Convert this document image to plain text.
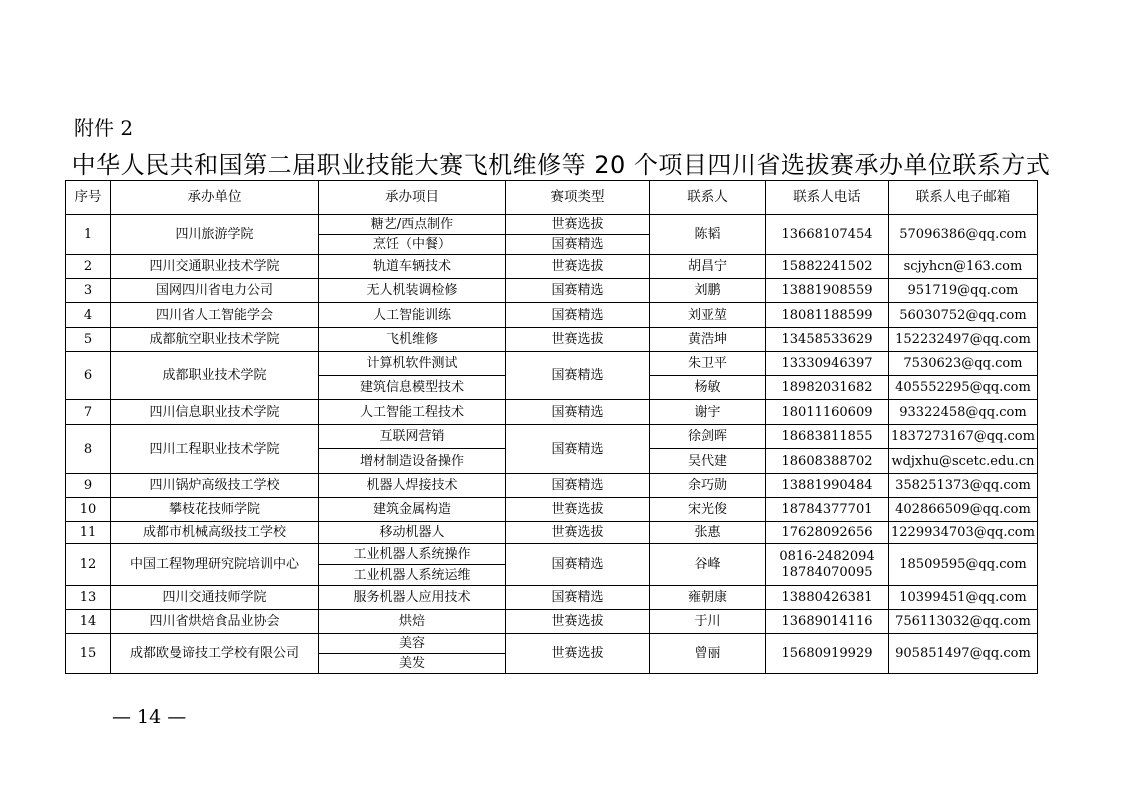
附件 2
中华人民共和国第二届职业技能大赛飞机维修等 20 个项目四川省选拔赛承办单位联系方式
序号	承办单位	承办项目	赛项类型	联系人	联系人电话	联系人电子邮箱
1	四川旅游学院	糖艺/西点制作	世赛选拔	陈韬	13668107454	57096386@qq.com
		烹饪（中餐）	国赛精选			
2	四川交通职业技术学院	轨道车辆技术	世赛选拔	胡昌宁	15882241502	scjyhcn@163.com
3	国网四川省电力公司	无人机装调检修	国赛精选	刘鹏	13881908559	951719@qq.com
4	四川省人工智能学会	人工智能训练	国赛精选	刘亚堃	18081188599	56030752@qq.com
5	成都航空职业技术学院	飞机维修	世赛选拔	黄浩坤	13458533629	152232497@qq.com
6	成都职业技术学院	计算机软件测试	国赛精选	朱卫平	13330946397	7530623@qq.com
		建筑信息模型技术		杨敏	18982031682	405552295@qq.com
7	四川信息职业技术学院	人工智能工程技术	国赛精选	谢宇	18011160609	93322458@qq.com
8	四川工程职业技术学院	互联网营销	国赛精选	徐剑晖	18683811855	1837273167@qq.com
		增材制造设备操作		吴代建	18608388702	wdjxhu@scetc.edu.cn
9	四川锅炉高级技工学校	机器人焊接技术	国赛精选	余巧勋	13881990484	358251373@qq.com
10	攀枝花技师学院	建筑金属构造	世赛选拔	宋光俊	18784377701	402866509@qq.com
11	成都市机械高级技工学校	移动机器人	世赛选拔	张惠	17628092656	1229934703@qq.com
12	中国工程物理研究院培训中心	工业机器人系统操作	国赛精选	谷峰	0816-2482094
18784070095	18509595@qq.com
		工业机器人系统运维				
13	四川交通技师学院	服务机器人应用技术	国赛精选	雍朝康	13880426381	10399451@qq.com
14	四川省烘焙食品业协会	烘焙	世赛选拔	于川	13689014116	756113032@qq.com
15	成都欧曼谛技工学校有限公司	美容	世赛选拔	曾丽	15680919929	905851497@qq.com
		美发				
— 14 —
